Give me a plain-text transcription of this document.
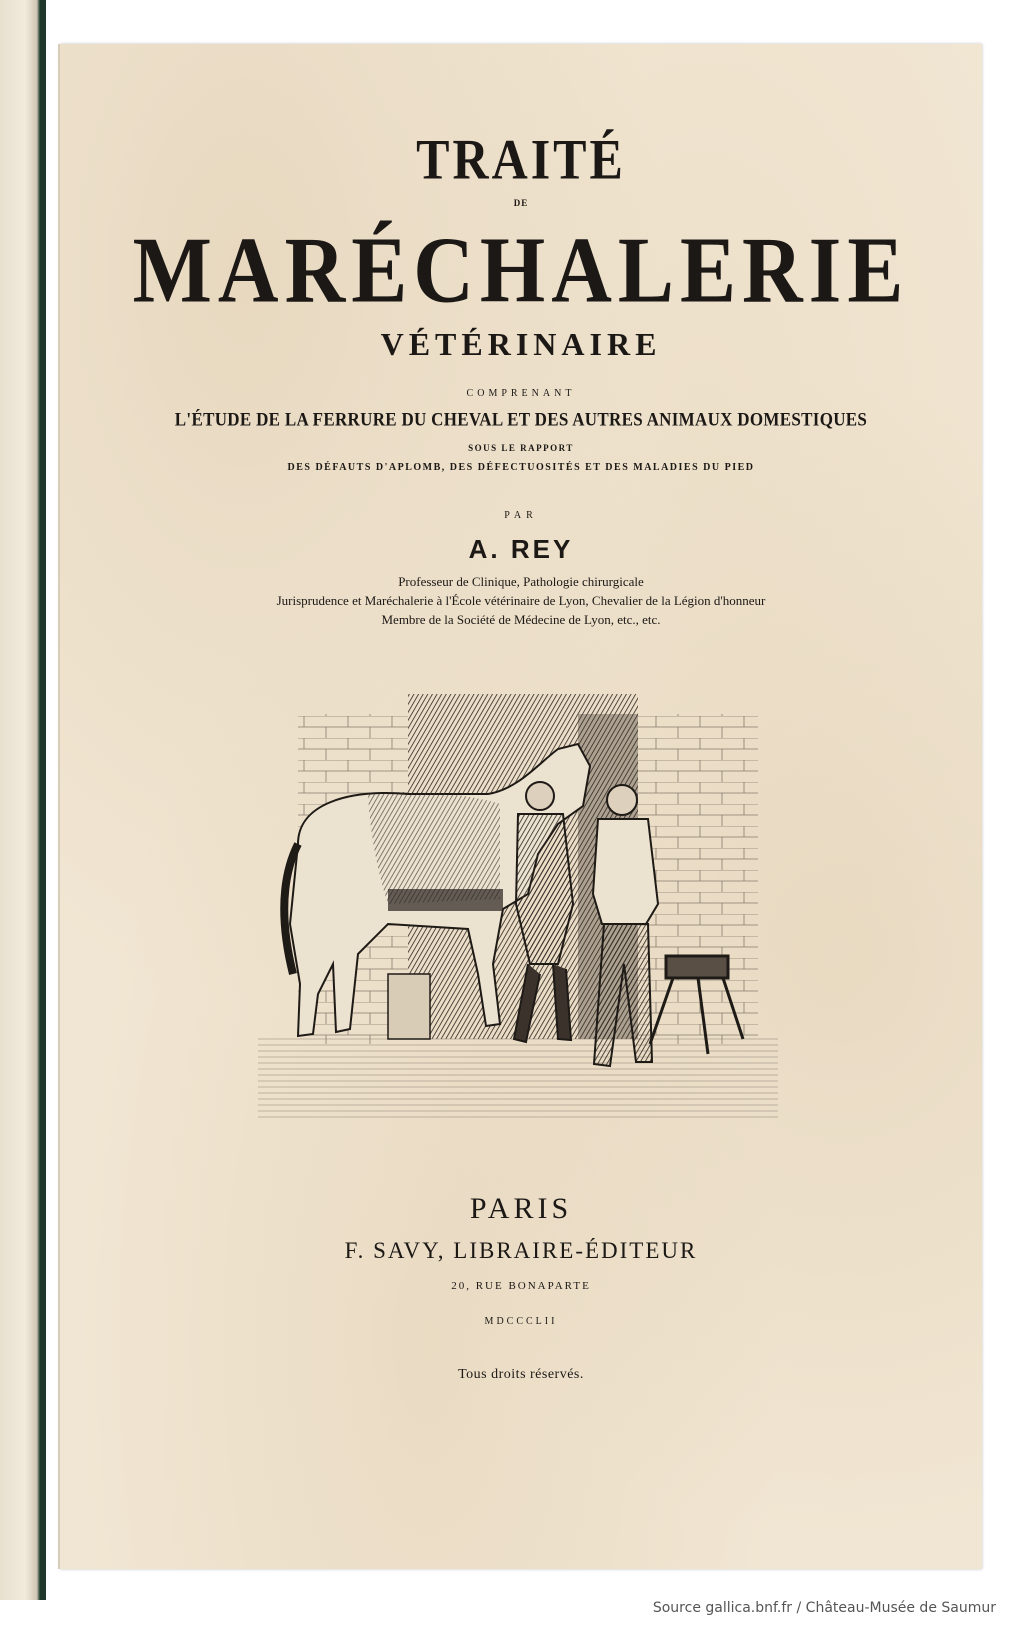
TRAITÉ
DE
MARÉCHALERIE
VÉTÉRINAIRE
COMPRENANT
L'ÉTUDE DE LA FERRURE DU CHEVAL ET DES AUTRES ANIMAUX DOMESTIQUES
SOUS LE RAPPORT
DES DÉFAUTS D'APLOMB, DES DÉFECTUOSITÉS ET DES MALADIES DU PIED
PAR
A. REY
Professeur de Clinique, Pathologie chirurgicale
Jurisprudence et Maréchalerie à l'École vétérinaire de Lyon, Chevalier de la Légion d'honneur
Membre de la Société de Médecine de Lyon, etc., etc.
PARIS
F. SAVY, LIBRAIRE-ÉDITEUR
20, RUE BONAPARTE
MDCCCLII
Tous droits réservés.
Source gallica.bnf.fr / Château-Musée de Saumur
